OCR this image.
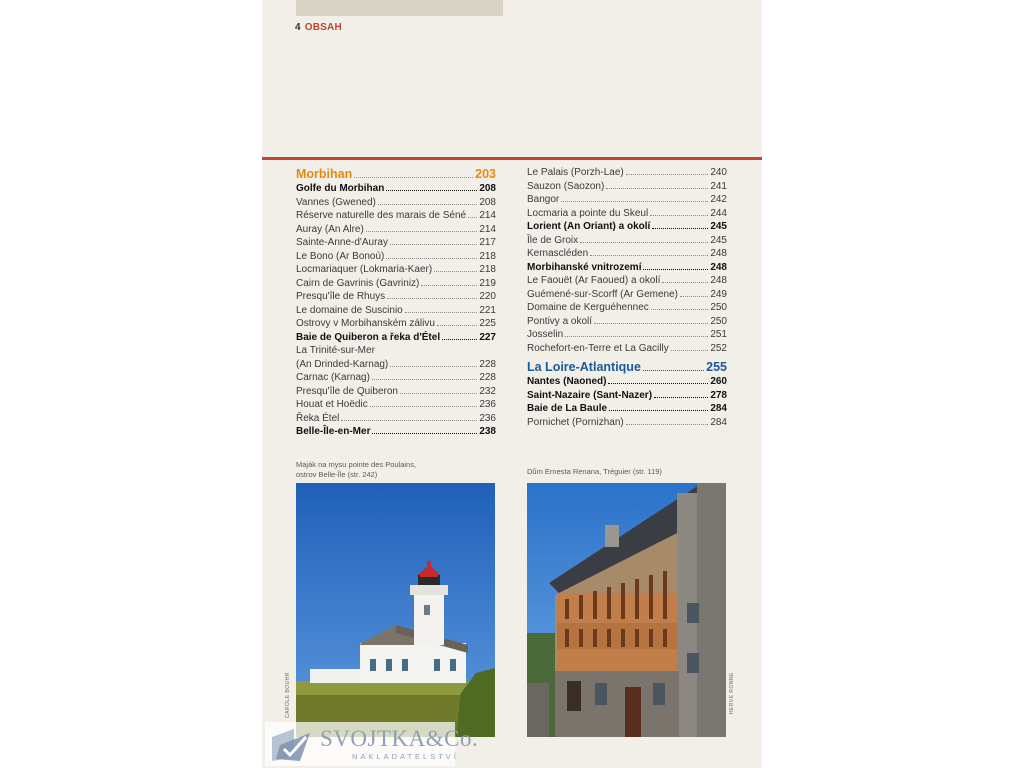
4 OBSAH
Morbihan	203
Golfe du Morbihan	208
Vannes (Gwened)	208
Réserve naturelle des marais de Séné 214
Auray (An Alre)	214
Sainte-Anne-d'Auray	217
Le Bono (Ar Bonoù)	218
Locmariaquer (Lokmaria-Kaer)	218
Cairn de Gavrinis (Gavriniz)	219
Presqu'île de Rhuys	220
Le domaine de Suscinio	221
Ostrovy v Morbihanském zálivu	225
Baie de Quiberon a řeka d'Étel	227
La Trinité-sur-Mer
(An Drinded-Karnag)	228
Carnac (Karnag)	228
Presqu'île de Quiberon	232
Houat et Hoëdic	236
Řeka Étel	236
Belle-Île-en-Mer	238
Le Palais (Porzh-Lae)	240
Sauzon (Saozon)	241
Bangor	242
Locmaria a pointe du Skeul	244
Lorient (An Oriant) a okolí	245
Île de Groix	245
Kernascléden	248
Morbihanské vnitrozemí	248
Le Faouët (Ar Faoued) a okolí	248
Guémené-sur-Scorff (Ar Gemene)	249
Domaine de Kerguéhennec	250
Pontivy a okolí	250
Josselin	251
Rochefort-en-Terre et La Gacilly	252
La Loire-Atlantique	255
Nantes (Naoned)	260
Saint-Nazaire (Sant-Nazer)	278
Baie de La Baule	284
Pornichet (Pornizhan)	284
Maják na mysu pointe des Poulains,
ostrov Belle-Île (str. 242)
CAROLE BOUHR
Dům Ernesta Renana, Tréguier (str. 119)
HERVE RONNE
SVOJTKA&Co.
NAKLADATELSTVÍ
